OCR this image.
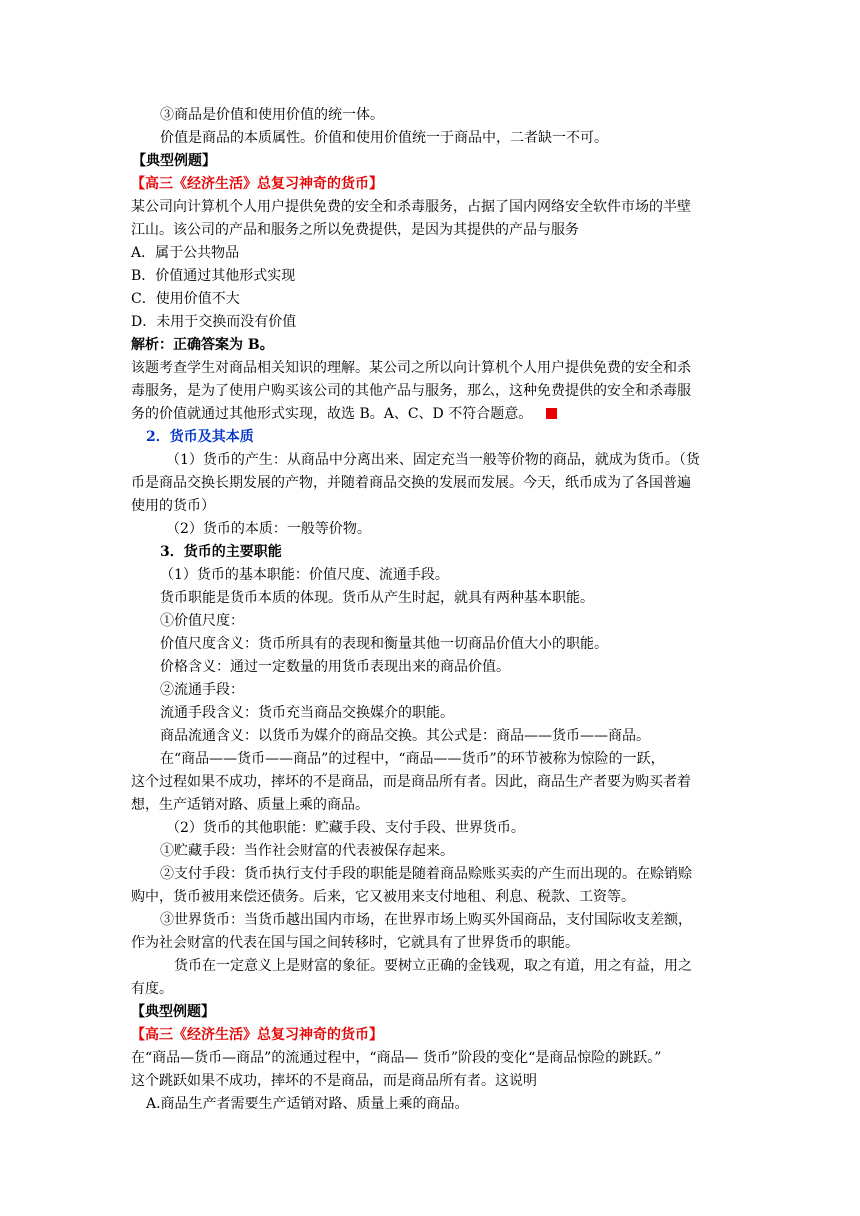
③商品是价值和使用价值的统一体。
价值是商品的本质属性。价值和使用价值统一于商品中，二者缺一不可。
【典型例题】
【高三《经济生活》总复习神奇的货币】
某公司向计算机个人用户提供免费的安全和杀毒服务，占据了国内网络安全软件市场的半壁
江山。该公司的产品和服务之所以免费提供，是因为其提供的产品与服务
A．属于公共物品
B．价值通过其他形式实现
C．使用价值不大
D．未用于交换而没有价值
解析：正确答案为 B。
该题考查学生对商品相关知识的理解。某公司之所以向计算机个人用户提供免费的安全和杀
毒服务，是为了使用户购买该公司的其他产品与服务，那么，这种免费提供的安全和杀毒服
务的价值就通过其他形式实现，故选 B。A、C、D 不符合题意。
2．货币及其本质
（1）货币的产生：从商品中分离出来、固定充当一般等价物的商品，就成为货币。（货
币是商品交换长期发展的产物，并随着商品交换的发展而发展。今天，纸币成为了各国普遍
使用的货币）
（2）货币的本质：一般等价物。
3．货币的主要职能
（1）货币的基本职能：价值尺度、流通手段。
货币职能是货币本质的体现。货币从产生时起，就具有两种基本职能。
①价值尺度：
价值尺度含义：货币所具有的表现和衡量其他一切商品价值大小的职能。
价格含义：通过一定数量的用货币表现出来的商品价值。
②流通手段：
流通手段含义：货币充当商品交换媒介的职能。
商品流通含义：以货币为媒介的商品交换。其公式是：商品——货币——商品。
在“商品——货币——商品”的过程中，“商品——货币”的环节被称为惊险的一跃，
这个过程如果不成功，摔坏的不是商品，而是商品所有者。因此，商品生产者要为购买者着
想，生产适销对路、质量上乘的商品。
（2）货币的其他职能：贮藏手段、支付手段、世界货币。
①贮藏手段：当作社会财富的代表被保存起来。
②支付手段：货币执行支付手段的职能是随着商品赊账买卖的产生而出现的。在赊销赊
购中，货币被用来偿还债务。后来，它又被用来支付地租、利息、税款、工资等。
③世界货币：当货币越出国内市场，在世界市场上购买外国商品，支付国际收支差额，
作为社会财富的代表在国与国之间转移时，它就具有了世界货币的职能。
货币在一定意义上是财富的象征。要树立正确的金钱观，取之有道，用之有益，用之
有度。
【典型例题】
【高三《经济生活》总复习神奇的货币】
在“商品—货币—商品”的流通过程中，“商品— 货币”阶段的变化“是商品惊险的跳跃。”
这个跳跃如果不成功，摔坏的不是商品，而是商品所有者。这说明
A.商品生产者需要生产适销对路、质量上乘的商品。
